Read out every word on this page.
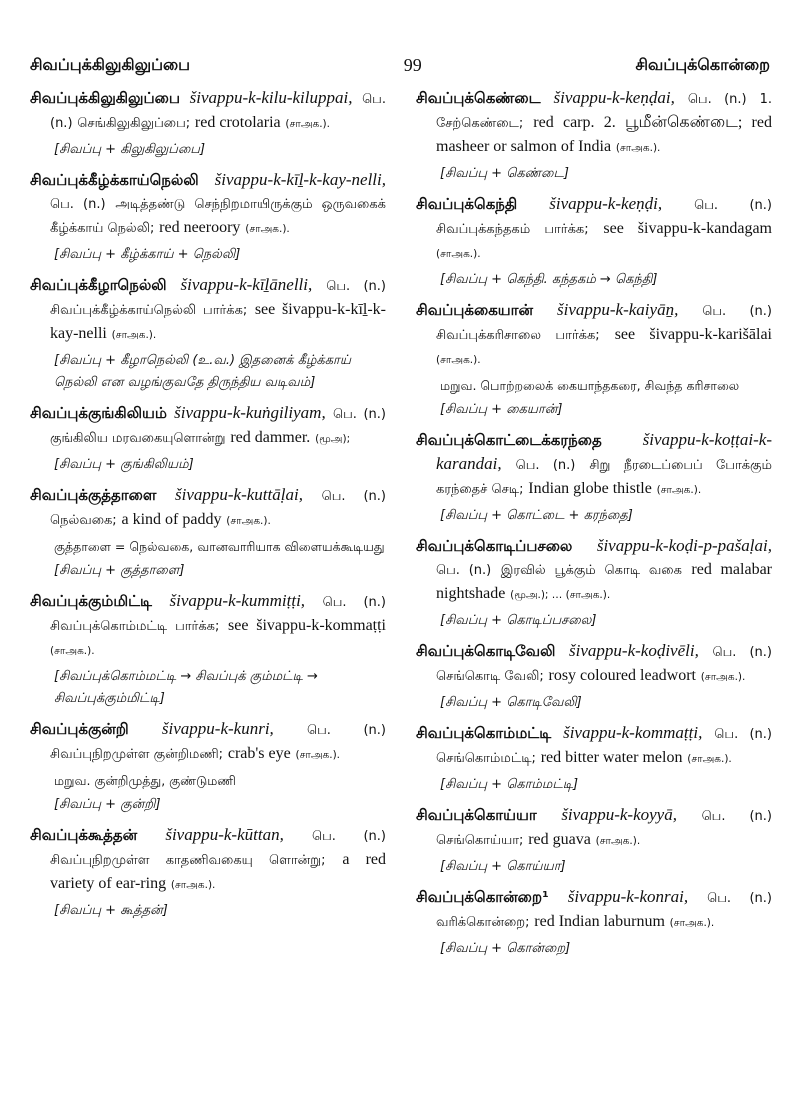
சிவப்புக்கிலுகிலுப்பை	99	சிவப்புக்கொன்றை

சிவப்புக்கிலுகிலுப்பை šivappu-k-kilu-kiluppai, பெ. (n.) செங்கிலுகிலுப்பை; red crotolaria (சாஅக.).

[சிவப்பு + கிலுகிலுப்பை]

சிவப்புக்கீழ்க்காய்நெல்லி šivappu-k-kīḻ-k-kay-nelli, பெ. (n.) அடித்தண்டு செந்நிறமாயிருக்கும் ஒருவகைக் கீழ்க்காய் நெல்லி; red neeroory (சாஅக.).

[சிவப்பு + கீழ்க்காய் + நெல்லி]

சிவப்புக்கீழாநெல்லி šivappu-k-kīḻānelli, பெ. (n.) சிவப்புக்கீழ்க்காய்நெல்லி பார்க்க; see šivappu-k-kīḻ-k-kay-nelli (சாஅக.).

[சிவப்பு + கீழாநெல்லி (உ.வ.) இதனைக் கீழ்க்காய் நெல்லி என வழங்குவதே திருந்திய வடிவம்]

சிவப்புக்குங்கிலியம் šivappu-k-kuṅgiliyam, பெ. (n.) குங்கிலிய மரவகையுளொன்று red dammer. (மூஅ);

[சிவப்பு + குங்கிலியம்]

சிவப்புக்குத்தாளை šivappu-k-kuttāḷai, பெ. (n.) நெல்வகை; a kind of paddy (சாஅக.).

குத்தாளை = நெல்வகை, வானவாரியாக விளையக்கூடியது
[சிவப்பு + குத்தாளை]

சிவப்புக்கும்மிட்டி šivappu-k-kummiṭṭi, பெ. (n.) சிவப்புக்கொம்மட்டி பார்க்க; see šivappu-k-kommaṭṭi (சாஅக.).

[சிவப்புக்கொம்மட்டி → சிவப்புக் கும்மட்டி → சிவப்புக்கும்மிட்டி]

சிவப்புக்குன்றி šivappu-k-kunri,	பெ. (n.) சிவப்புநிறமுள்ள குன்றிமணி; crab's eye (சாஅக.).

மறுவ. குன்றிமுத்து, குண்டுமணி
[சிவப்பு + குன்றி]

சிவப்புக்கூத்தன் šivappu-k-kūttan, பெ. (n.) சிவப்புநிறமுள்ள காதணிவகையு ளொன்று; a red variety of ear-ring (சாஅக.).

[சிவப்பு + கூத்தன்]

சிவப்புக்கெண்டை šivappu-k-keṇḍai, பெ. (n.) 1. சேற்கெண்டை; red carp. 2. பூமீன்கெண்டை; red masheer or salmon of India (சாஅக.).

[சிவப்பு + கெண்டை]

சிவப்புக்கெந்தி šivappu-k-keṇḍi, பெ. (n.) சிவப்புக்கந்தகம் பார்க்க; see šivappu-k-kandagam (சாஅக.).

[சிவப்பு + கெந்தி. கந்தகம் → கெந்தி]

சிவப்புக்கையான் šivappu-k-kaiyāṉ, பெ. (n.) சிவப்புக்கரிசாலை பார்க்க; see šivappu-k-karišālai (சாஅக.).

மறுவ. பொற்றலைக் கையாந்தகரை, சிவந்த கரிசாலை
[சிவப்பு + கையான்]

சிவப்புக்கொட்டைக்கரந்தை šivappu-k-koṭṭai-k-karandai, பெ. (n.) சிறு நீரடைப்பைப் போக்கும் கரந்தைச் செடி; Indian globe thistle (சாஅக.).

[சிவப்பு + கொட்டை + கரந்தை]

சிவப்புக்கொடிப்பசலை šivappu-k-koḍi-p-pašaḷai, பெ. (n.) இரவில் பூக்கும் கொடி வகை red malabar nightshade (மூஅ.); … (சாஅக.).

[சிவப்பு + கொடிப்பசலை]

சிவப்புக்கொடிவேலி šivappu-k-koḍivēli, பெ. (n.) செங்கொடி வேலி; rosy coloured leadwort (சாஅக.).

[சிவப்பு + கொடிவேலி]

சிவப்புக்கொம்மட்டி šivappu-k-kommaṭṭi, பெ. (n.) செங்கொம்மட்டி; red bitter water melon (சாஅக.).

[சிவப்பு + கொம்மட்டி]

சிவப்புக்கொய்யா šivappu-k-koyyā, பெ. (n.) செங்கொய்யா; red guava (சாஅக.).

[சிவப்பு + கொய்யா]

சிவப்புக்கொன்றை¹ šivappu-k-konrai, பெ. (n.) வரிக்கொன்றை; red Indian laburnum (சாஅக.).

[சிவப்பு + கொன்றை]
